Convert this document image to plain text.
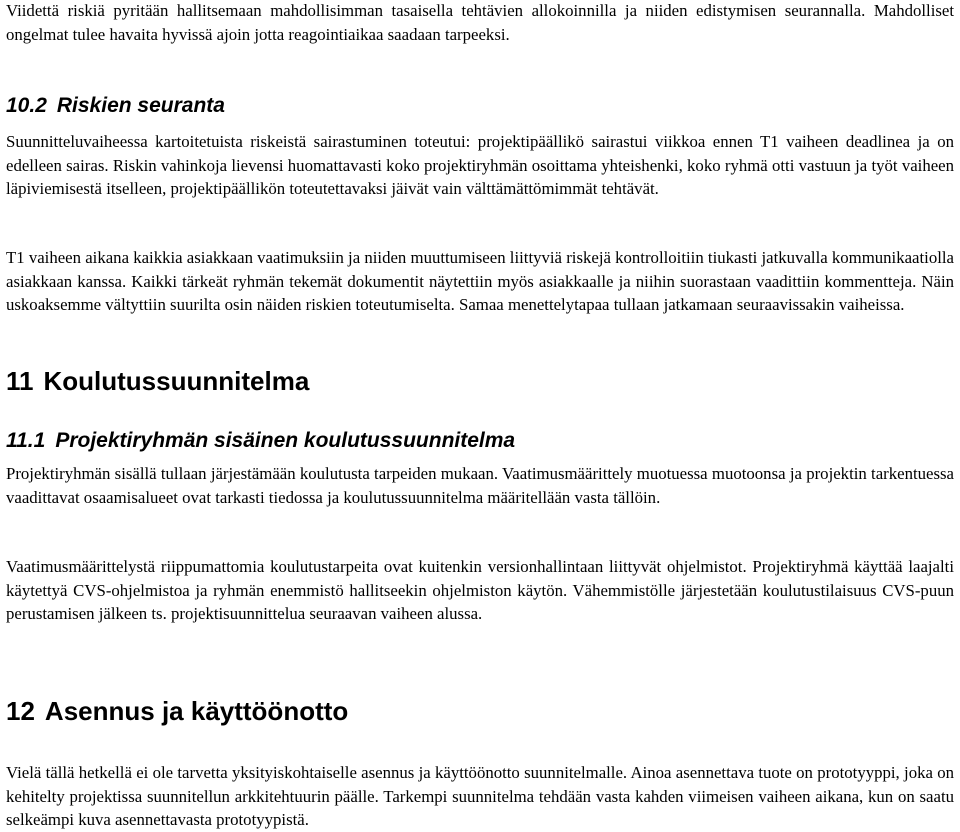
Viidettä riskiä pyritään hallitsemaan mahdollisimman tasaisella tehtävien allokoinnilla ja niiden edistymisen seurannalla. Mahdolliset ongelmat tulee havaita hyvissä ajoin jotta reagointiaikaa saadaan tarpeeksi.

10.2 Riskien seuranta

Suunnitteluvaiheessa kartoitetuista riskeistä sairastuminen toteutui: projektipäällikö sairastui viikkoa ennen T1 vaiheen deadlinea ja on edelleen sairas. Riskin vahinkoja lievensi huomattavasti koko projektiryhmän osoittama yhteishenki, koko ryhmä otti vastuun ja työt vaiheen läpiviemisestä itselleen, projektipäällikön toteutettavaksi jäivät vain välttämättömimmät tehtävät.

T1 vaiheen aikana kaikkia asiakkaan vaatimuksiin ja niiden muuttumiseen liittyviä riskejä kontrolloitiin tiukasti jatkuvalla kommunikaatiolla asiakkaan kanssa. Kaikki tärkeät ryhmän tekemät dokumentit näytettiin myös asiakkaalle ja niihin suorastaan vaadittiin kommentteja. Näin uskoaksemme vältyttiin suurilta osin näiden riskien toteutumiselta. Samaa menettelytapaa tullaan jatkamaan seuraavissakin vaiheissa.

11 Koulutussuunnitelma
11.1 Projektiryhmän sisäinen koulutussuunnitelma

Projektiryhmän sisällä tullaan järjestämään koulutusta tarpeiden mukaan. Vaatimusmäärittely muotuessa muotoonsa ja projektin tarkentuessa vaadittavat osaamisalueet ovat tarkasti tiedossa ja koulutussuunnitelma määritellään vasta tällöin.

Vaatimusmäärittelystä riippumattomia koulutustarpeita ovat kuitenkin versionhallintaan liittyvät ohjelmistot. Projektiryhmä käyttää laajalti käytettyä CVS-ohjelmistoa ja ryhmän enemmistö hallitseekin ohjelmiston käytön. Vähemmistölle järjestetään koulutustilaisuus CVS-puun perustamisen jälkeen ts. projektisuunnittelua seuraavan vaiheen alussa.

12 Asennus ja käyttöönotto

Vielä tällä hetkellä ei ole tarvetta yksityiskohtaiselle asennus ja käyttöönotto suunnitelmalle. Ainoa asennettava tuote on prototyyppi, joka on kehitelty projektissa suunnitellun arkkitehtuurin päälle. Tarkempi suunnitelma tehdään vasta kahden viimeisen vaiheen aikana, kun on saatu selkeämpi kuva asennettavasta prototyypistä.
